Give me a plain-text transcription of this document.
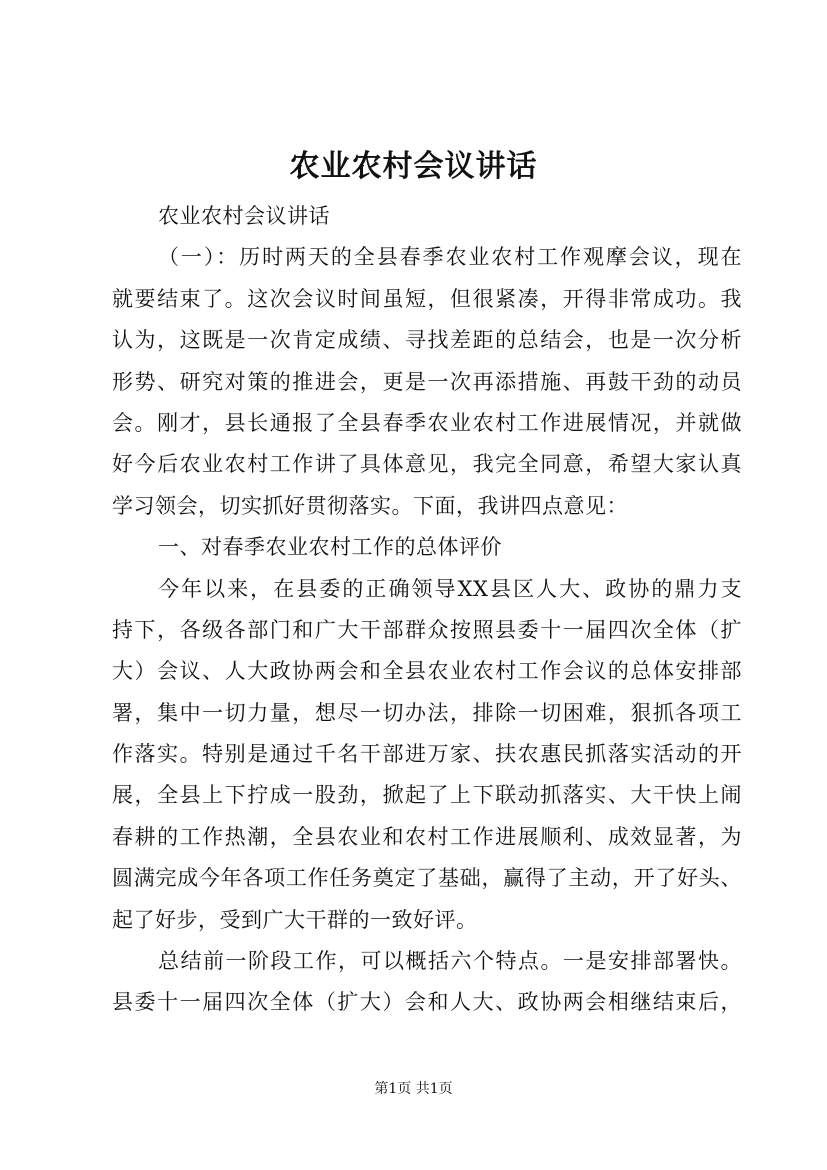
农业农村会议讲话
农业农村会议讲话
（一）：历时两天的全县春季农业农村工作观摩会议，现在
就要结束了。这次会议时间虽短，但很紧凑，开得非常成功。我
认为，这既是一次肯定成绩、寻找差距的总结会，也是一次分析
形势、研究对策的推进会，更是一次再添措施、再鼓干劲的动员
会。刚才，县长通报了全县春季农业农村工作进展情况，并就做
好今后农业农村工作讲了具体意见，我完全同意，希望大家认真
学习领会，切实抓好贯彻落实。下面，我讲四点意见：
一、对春季农业农村工作的总体评价
今年以来，在县委的正确领导XX县区人大、政协的鼎力支
持下，各级各部门和广大干部群众按照县委十一届四次全体（扩
大）会议、人大政协两会和全县农业农村工作会议的总体安排部
署，集中一切力量，想尽一切办法，排除一切困难，狠抓各项工
作落实。特别是通过千名干部进万家、扶农惠民抓落实活动的开
展，全县上下拧成一股劲，掀起了上下联动抓落实、大干快上闹
春耕的工作热潮，全县农业和农村工作进展顺利、成效显著，为
圆满完成今年各项工作任务奠定了基础，赢得了主动，开了好头、
起了好步，受到广大干群的一致好评。
总结前一阶段工作，可以概括六个特点。一是安排部署快。
县委十一届四次全体（扩大）会和人大、政协两会相继结束后，
第1页 共1页
